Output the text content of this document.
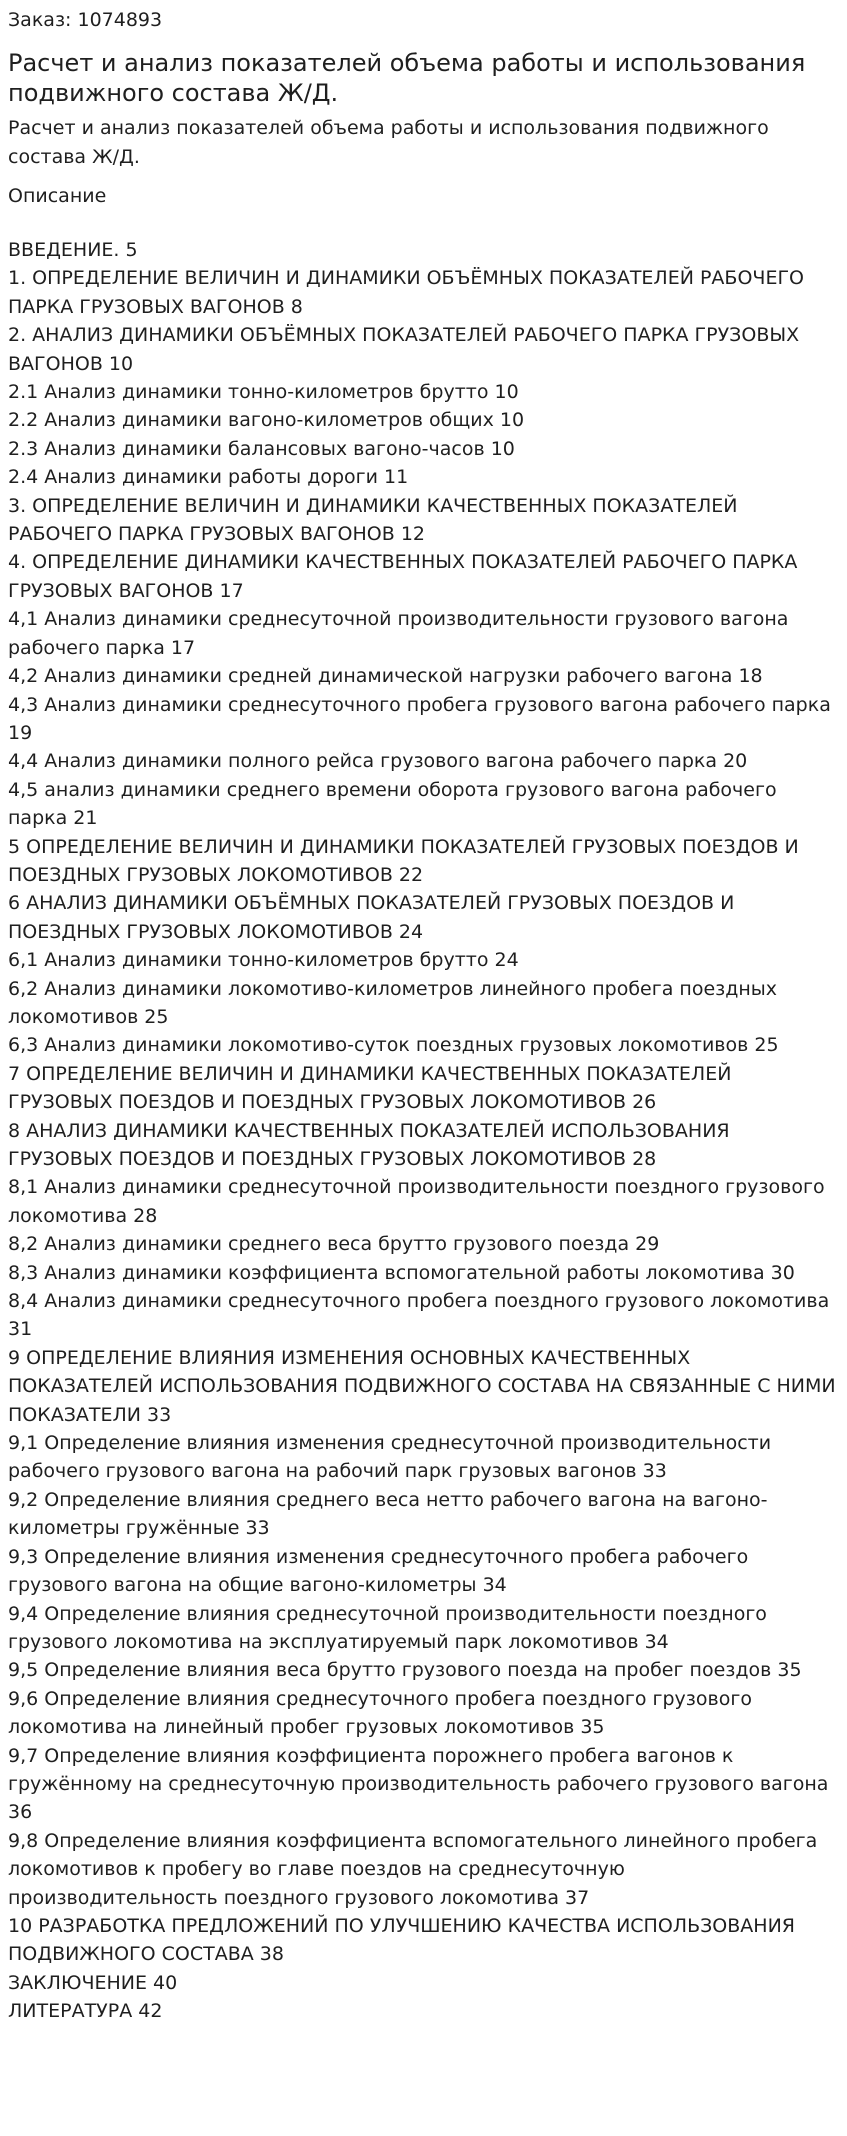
Заказ: 1074893
Расчет и анализ показателей объема работы и использования подвижного состава Ж/Д.
Расчет и анализ показателей объема работы и использования подвижного состава Ж/Д.
Описание
ВВЕДЕНИЕ. 5
1. ОПРЕДЕЛЕНИЕ ВЕЛИЧИН И ДИНАМИКИ ОБЪЁМНЫХ ПОКАЗАТЕЛЕЙ РАБОЧЕГО ПАРКА ГРУЗОВЫХ ВАГОНОВ 8
2. АНАЛИЗ ДИНАМИКИ ОБЪЁМНЫХ ПОКАЗАТЕЛЕЙ РАБОЧЕГО ПАРКА ГРУЗОВЫХ ВАГОНОВ 10
2.1 Анализ динамики тонно-километров брутто 10
2.2 Анализ динамики вагоно-километров общих 10
2.3 Анализ динамики балансовых вагоно-часов 10
2.4 Анализ динамики работы дороги 11
3. ОПРЕДЕЛЕНИЕ ВЕЛИЧИН И ДИНАМИКИ КАЧЕСТВЕННЫХ ПОКАЗАТЕЛЕЙ РАБОЧЕГО ПАРКА ГРУЗОВЫХ ВАГОНОВ 12
4. ОПРЕДЕЛЕНИЕ ДИНАМИКИ КАЧЕСТВЕННЫХ ПОКАЗАТЕЛЕЙ РАБОЧЕГО ПАРКА ГРУЗОВЫХ ВАГОНОВ 17
4,1 Анализ динамики среднесуточной производительности грузового вагона рабочего парка 17
4,2 Анализ динамики средней динамической нагрузки рабочего вагона 18
4,3 Анализ динамики среднесуточного пробега грузового вагона рабочего парка 19
4,4 Анализ динамики полного рейса грузового вагона рабочего парка 20
4,5 анализ динамики среднего времени оборота грузового вагона рабочего парка 21
5 ОПРЕДЕЛЕНИЕ ВЕЛИЧИН И ДИНАМИКИ ПОКАЗАТЕЛЕЙ ГРУЗОВЫХ ПОЕЗДОВ И ПОЕЗДНЫХ ГРУЗОВЫХ ЛОКОМОТИВОВ 22
6 АНАЛИЗ ДИНАМИКИ ОБЪЁМНЫХ ПОКАЗАТЕЛЕЙ ГРУЗОВЫХ ПОЕЗДОВ И ПОЕЗДНЫХ ГРУЗОВЫХ ЛОКОМОТИВОВ 24
6,1 Анализ динамики тонно-километров брутто 24
6,2 Анализ динамики локомотиво-километров линейного пробега поездных локомотивов 25
6,3 Анализ динамики локомотиво-суток поездных грузовых локомотивов 25
7 ОПРЕДЕЛЕНИЕ ВЕЛИЧИН И ДИНАМИКИ КАЧЕСТВЕННЫХ ПОКАЗАТЕЛЕЙ ГРУЗОВЫХ ПОЕЗДОВ И ПОЕЗДНЫХ ГРУЗОВЫХ ЛОКОМОТИВОВ 26
8 АНАЛИЗ ДИНАМИКИ КАЧЕСТВЕННЫХ ПОКАЗАТЕЛЕЙ ИСПОЛЬЗОВАНИЯ ГРУЗОВЫХ ПОЕЗДОВ И ПОЕЗДНЫХ ГРУЗОВЫХ ЛОКОМОТИВОВ 28
8,1 Анализ динамики среднесуточной производительности поездного грузового локомотива 28
8,2 Анализ динамики среднего веса брутто грузового поезда 29
8,3 Анализ динамики коэффициента вспомогательной работы локомотива 30
8,4 Анализ динамики среднесуточного пробега поездного грузового локомотива 31
9 ОПРЕДЕЛЕНИЕ ВЛИЯНИЯ ИЗМЕНЕНИЯ ОСНОВНЫХ КАЧЕСТВЕННЫХ ПОКАЗАТЕЛЕЙ ИСПОЛЬЗОВАНИЯ ПОДВИЖНОГО СОСТАВА НА СВЯЗАННЫЕ С НИМИ ПОКАЗАТЕЛИ 33
9,1 Определение влияния изменения среднесуточной производительности рабочего грузового вагона на рабочий парк грузовых вагонов 33
9,2 Определение влияния среднего веса нетто рабочего вагона на вагоно-километры гружённые 33
9,3 Определение влияния изменения среднесуточного пробега рабочего грузового вагона на общие вагоно-километры 34
9,4 Определение влияния среднесуточной производительности поездного грузового локомотива на эксплуатируемый парк локомотивов 34
9,5 Определение влияния веса брутто грузового поезда на пробег поездов 35
9,6 Определение влияния среднесуточного пробега поездного грузового локомотива на линейный пробег грузовых локомотивов 35
9,7 Определение влияния коэффициента порожнего пробега вагонов к гружённому на среднесуточную производительность рабочего грузового вагона 36
9,8 Определение влияния коэффициента вспомогательного линейного пробега локомотивов к пробегу во главе поездов на среднесуточную производительность поездного грузового локомотива 37
10 РАЗРАБОТКА ПРЕДЛОЖЕНИЙ ПО УЛУЧШЕНИЮ КАЧЕСТВА ИСПОЛЬЗОВАНИЯ ПОДВИЖНОГО СОСТАВА 38
ЗАКЛЮЧЕНИЕ 40
ЛИТЕРАТУРА 42
